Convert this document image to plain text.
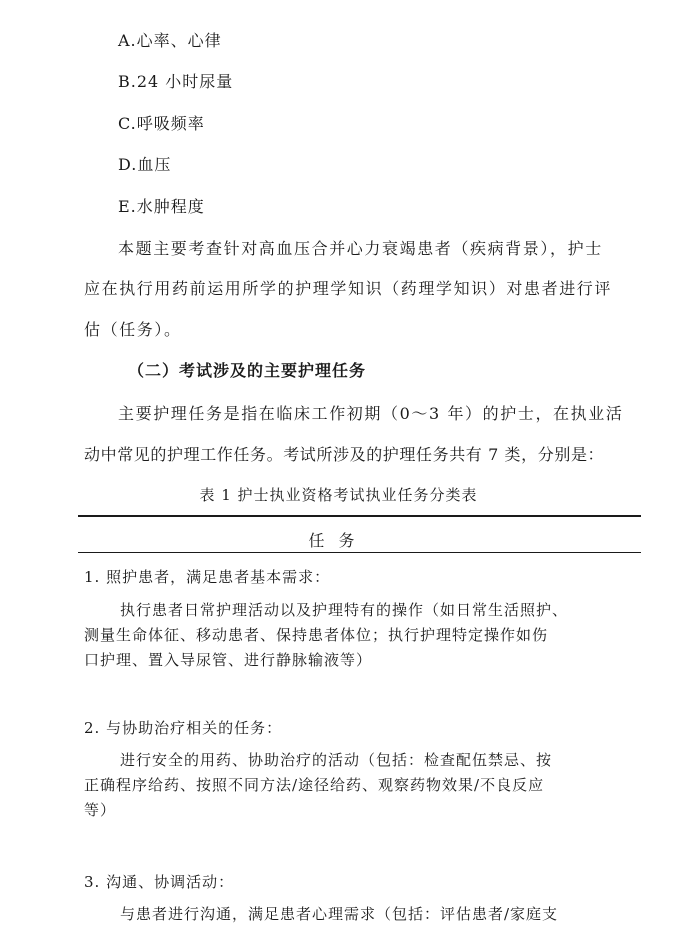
A.心率、心律
B.24 小时尿量
C.呼吸频率
D.血压
E.水肿程度
本题主要考查针对高血压合并心力衰竭患者（疾病背景），护士
应在执行用药前运用所学的护理学知识（药理学知识）对患者进行评
估（任务）。
（二）考试涉及的主要护理任务
主要护理任务是指在临床工作初期（0～3 年）的护士，在执业活
动中常见的护理工作任务。考试所涉及的护理任务共有 7 类，分别是：
表 1 护士执业资格考试执业任务分类表
任务
1. 照护患者，满足患者基本需求：
执行患者日常护理活动以及护理特有的操作（如日常生活照护、
测量生命体征、移动患者、保持患者体位；执行护理特定操作如伤
口护理、置入导尿管、进行静脉输液等）
2. 与协助治疗相关的任务：
进行安全的用药、协助治疗的活动（包括：检查配伍禁忌、按
正确程序给药、按照不同方法/途径给药、观察药物效果/不良反应
等）
3. 沟通、协调活动：
与患者进行沟通，满足患者心理需求（包括：评估患者/家庭支
